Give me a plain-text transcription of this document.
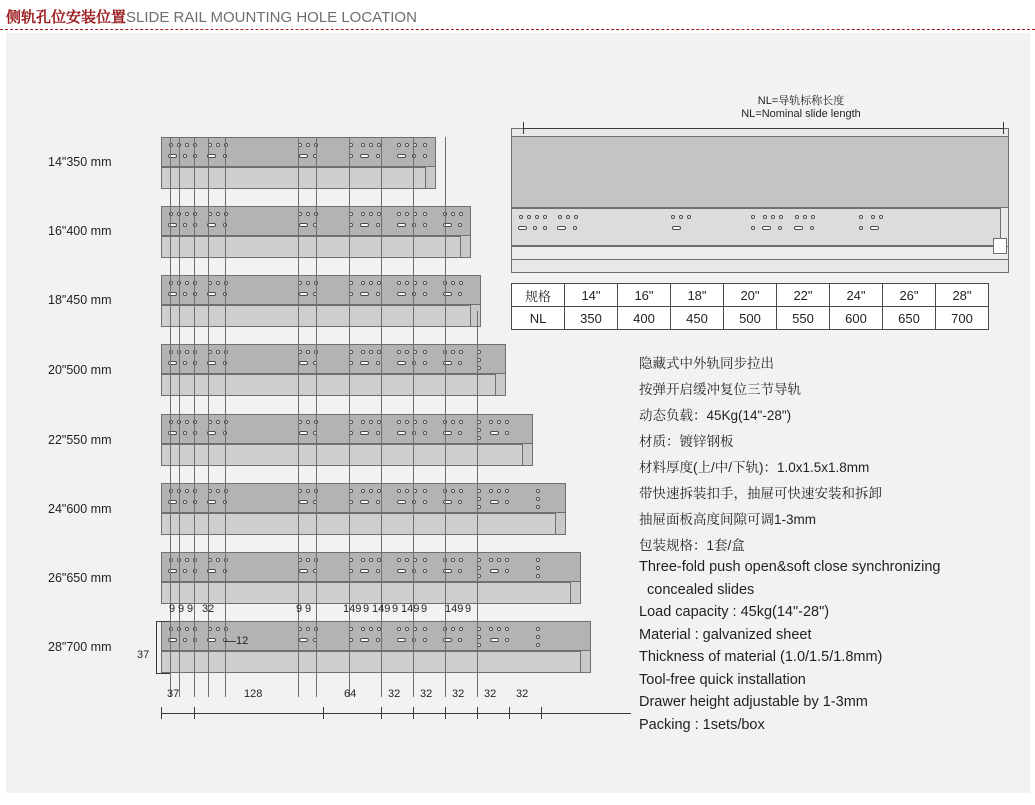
侧轨孔位安装位置SLIDE RAIL MOUNTING HOLE LOCATION
14"350 mm
16"400 mm
18"450 mm
20"500 mm
22"550 mm
24"600 mm
26"650 mm
28"700 mm
9 9 9 32	9 9	149 9 149 9 149 9 149 9
12
37
37	128	64	32 32 32 32 32
NL=导轨标称长度
NL=Nominal slide length
规格	14"	16"	18"	20"	22"	24"	26"	28"
NL	350	400	450	500	550	600	650	700
隐藏式中外轨同步拉出
按弹开启缓冲复位三节导轨
动态负载：45Kg(14"-28")
材质：镀锌钢板
材料厚度(上/中/下轨)：1.0x1.5x1.8mm
带快速拆装扣手，抽屉可快速安装和拆卸
抽屉面板高度间隙可调1-3mm
包装规格：1套/盒
Three-fold push open&soft close synchronizing
concealed slides
Load capacity : 45kg(14"-28")
Material : galvanized sheet
Thickness of material (1.0/1.5/1.8mm)
Tool-free quick installation
Drawer height adjustable by 1-3mm
Packing : 1sets/box
